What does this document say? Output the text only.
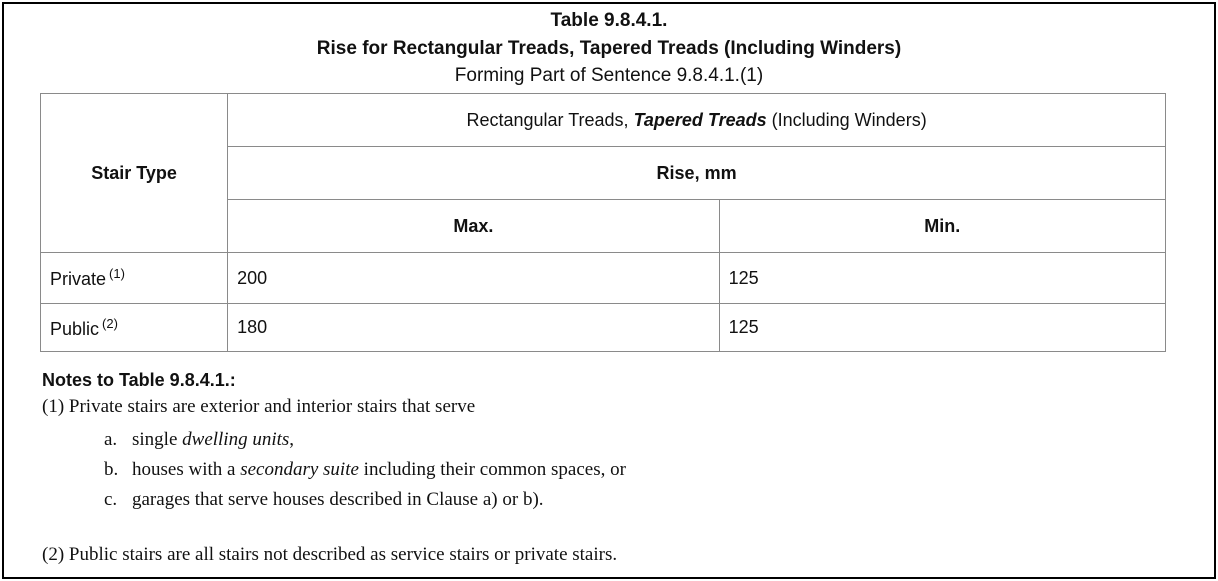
Table 9.8.4.1.
Rise for Rectangular Treads, Tapered Treads (Including Winders)
Forming Part of Sentence 9.8.4.1.(1)
Stair Type	Rectangular Treads, Tapered Treads (Including Winders)	
	Rise, mm	
	Max.	Min.
Private $^{(1)}$	200	125
Public $^{(2)}$	180	125
Notes to Table 9.8.4.1.:
(1) Private stairs are exterior and interior stairs that serve
a. single dwelling units,
b. houses with a secondary suite including their common spaces, or
c. garages that serve houses described in Clause a) or b).
(2) Public stairs are all stairs not described as service stairs or private stairs.
